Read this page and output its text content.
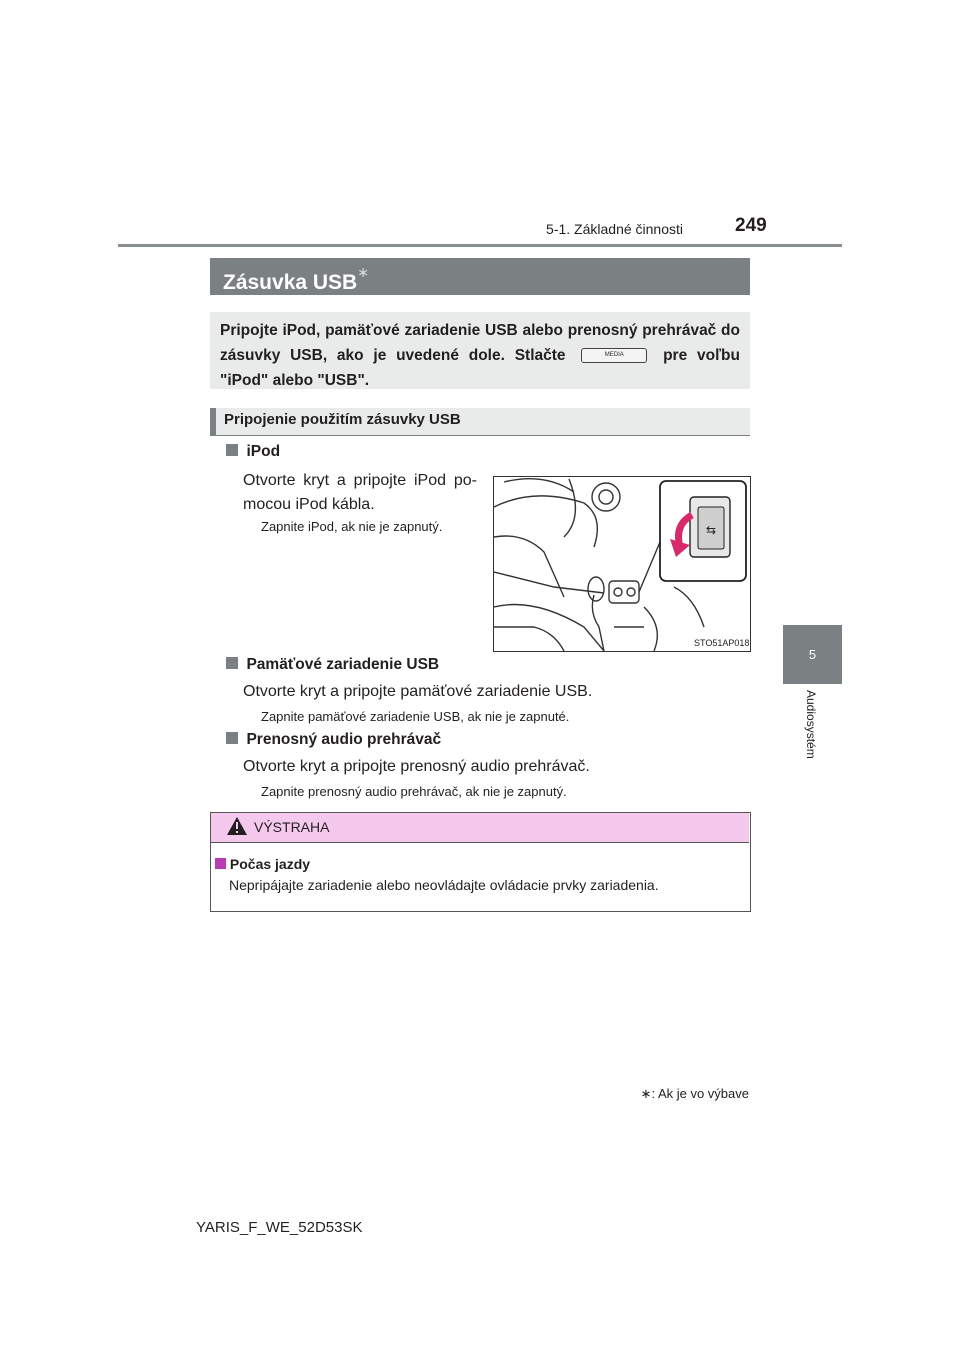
5-1. Základné činnosti	249
5
Audiosystém
Zásuvka USB∗
Pripojte iPod, pamäťové zariadenie USB alebo prenosný prehrávač do zásuvky USB, ako je uvedené dole. Stlačte	MEDIA	pre voľbu "iPod" alebo "USB".
Pripojenie použitím zásuvky USB
iPod
Otvorte kryt a pripojte iPod pomocou iPod kábla.
Zapnite iPod, ak nie je zapnutý.	⇆
STO51AP018
Pamäťové zariadenie USB
Otvorte kryt a pripojte pamäťové zariadenie USB.
Zapnite pamäťové zariadenie USB, ak nie je zapnuté.
Prenosný audio prehrávač
Otvorte kryt a pripojte prenosný audio prehrávač.
Zapnite prenosný audio prehrávač, ak nie je zapnutý.
VÝSTRAHA
Počas jazdy
Nepripájajte zariadenie alebo neovládajte ovládacie prvky zariadenia.
∗: Ak je vo výbave
YARIS_F_WE_52D53SK
